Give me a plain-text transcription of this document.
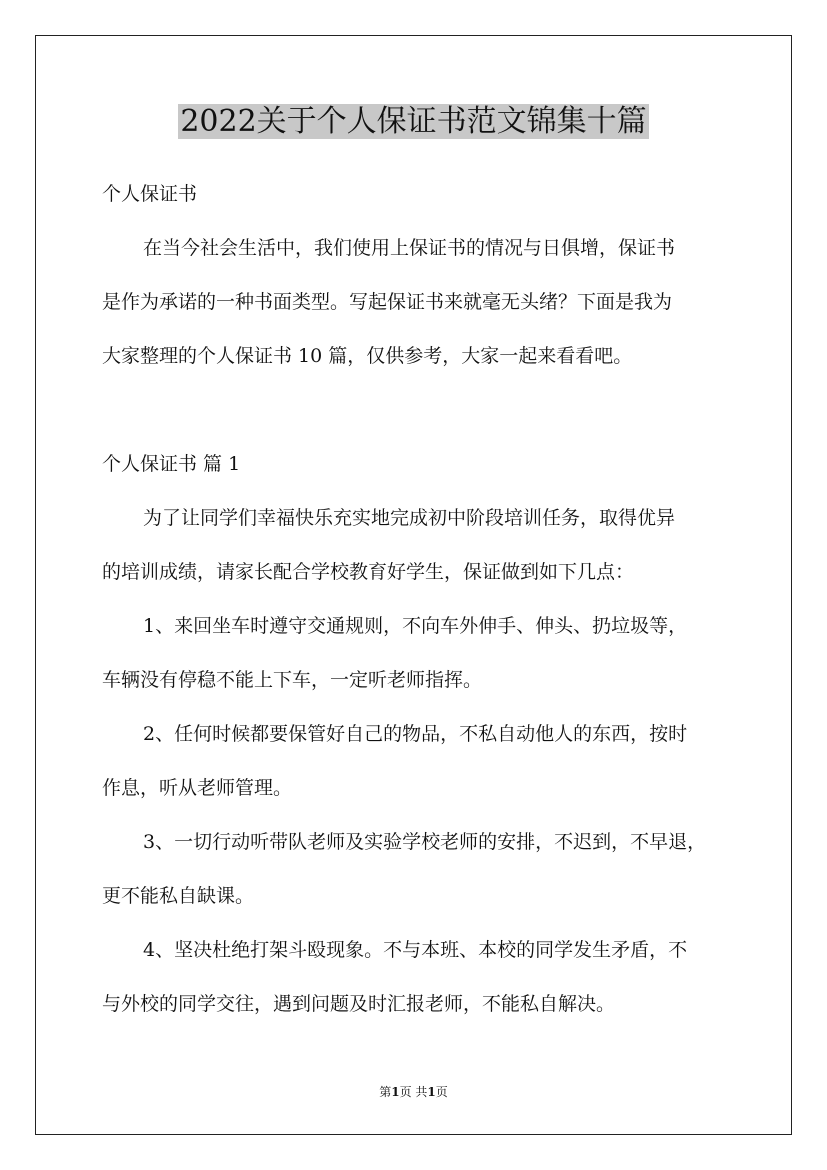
2022关于个人保证书范文锦集十篇
个人保证书
在当今社会生活中，我们使用上保证书的情况与日俱增，保证书
是作为承诺的一种书面类型。写起保证书来就毫无头绪？下面是我为
大家整理的个人保证书 10 篇，仅供参考，大家一起来看看吧。
个人保证书 篇 1
为了让同学们幸福快乐充实地完成初中阶段培训任务，取得优异
的培训成绩，请家长配合学校教育好学生，保证做到如下几点：
1、来回坐车时遵守交通规则，不向车外伸手、伸头、扔垃圾等，
车辆没有停稳不能上下车，一定听老师指挥。
2、任何时候都要保管好自己的物品，不私自动他人的东西，按时
作息，听从老师管理。
3、一切行动听带队老师及实验学校老师的安排，不迟到，不早退，
更不能私自缺课。
4、坚决杜绝打架斗殴现象。不与本班、本校的同学发生矛盾，不
与外校的同学交往，遇到问题及时汇报老师，不能私自解决。
第1页 共1页
